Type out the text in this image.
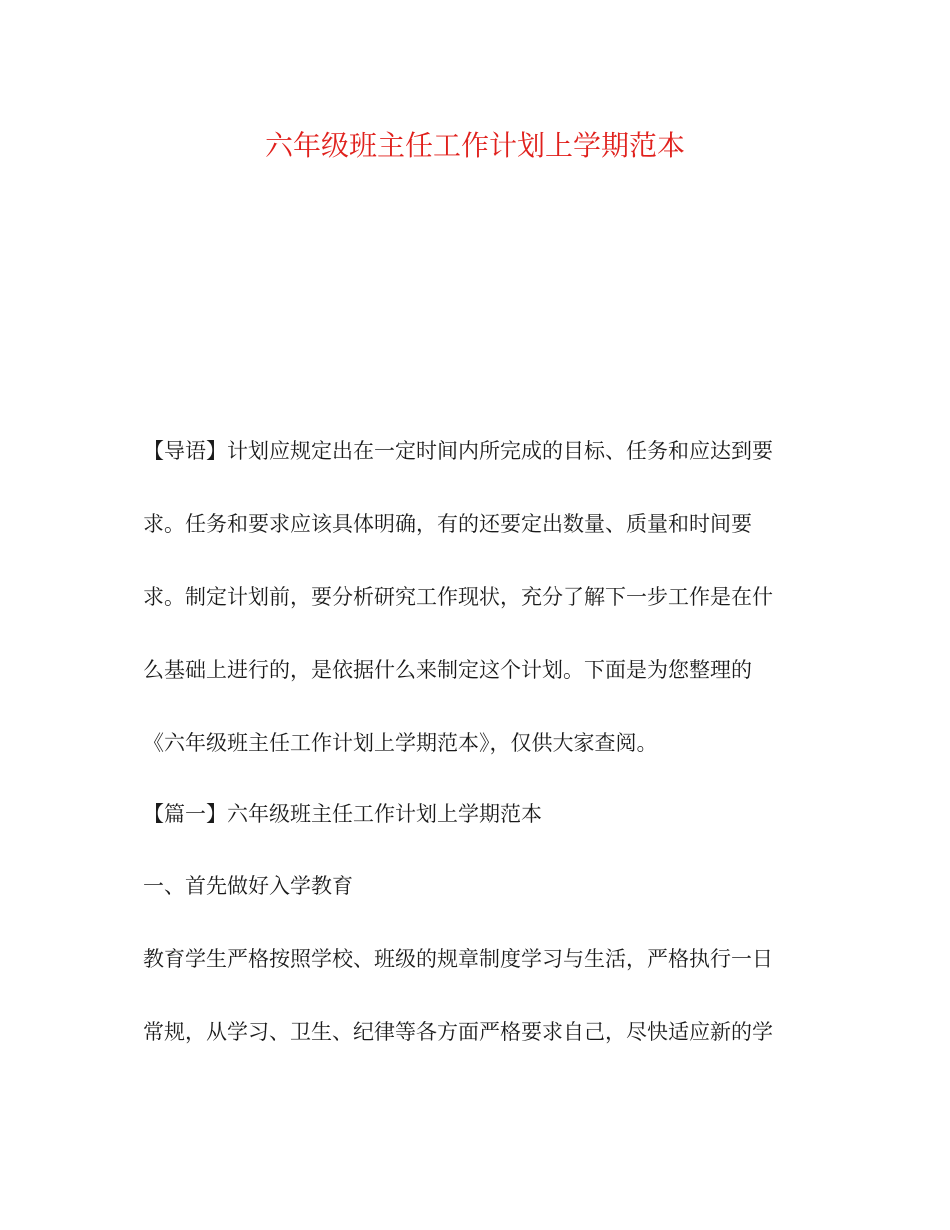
六年级班主任工作计划上学期范本

【导语】计划应规定出在一定时间内所完成的目标、任务和应达到要

求。任务和要求应该具体明确，有的还要定出数量、质量和时间要

求。制定计划前，要分析研究工作现状，充分了解下一步工作是在什

么基础上进行的，是依据什么来制定这个计划。下面是为您整理的

《六年级班主任工作计划上学期范本》，仅供大家查阅。

【篇一】六年级班主任工作计划上学期范本

一、首先做好入学教育

教育学生严格按照学校、班级的规章制度学习与生活，严格执行一日

常规，从学习、卫生、纪律等各方面严格要求自己，尽快适应新的学
